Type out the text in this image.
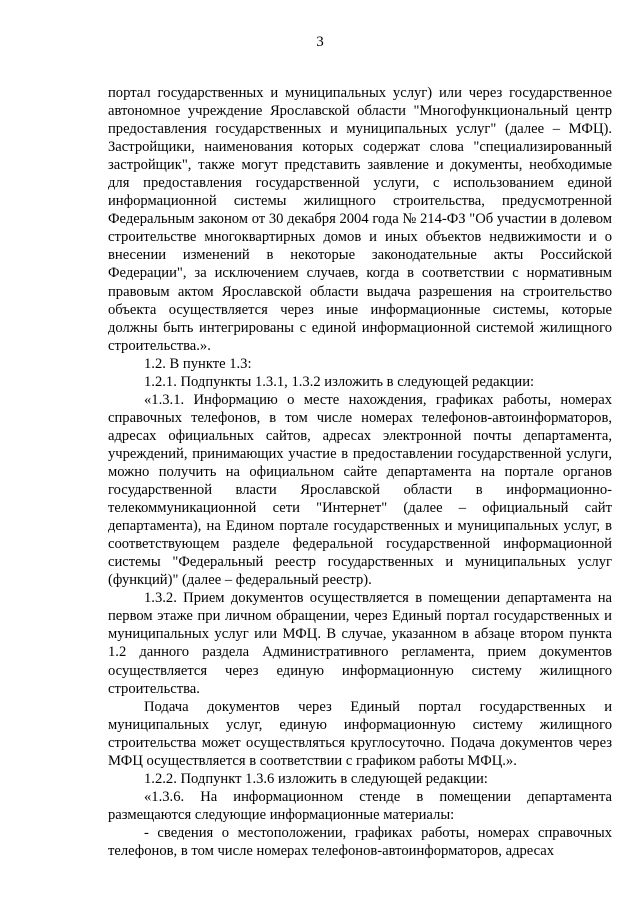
3

портал государственных и муниципальных услуг) или через государственное автономное учреждение Ярославской области "Многофункциональный центр предоставления государственных и муниципальных услуг" (далее – МФЦ). Застройщики, наименования которых содержат слова "специализированный застройщик", также могут представить заявление и документы, необходимые для предоставления государственной услуги, с использованием единой информационной системы жилищного строительства, предусмотренной Федеральным законом от 30 декабря 2004 года № 214-ФЗ "Об участии в долевом строительстве многоквартирных домов и иных объектов недвижимости и о внесении изменений в некоторые законодательные акты Российской Федерации", за исключением случаев, когда в соответствии с нормативным правовым актом Ярославской области выдача разрешения на строительство объекта осуществляется через иные информационные системы, которые должны быть интегрированы с единой информационной системой жилищного строительства.».

1.2. В пункте 1.3:

1.2.1. Подпункты 1.3.1, 1.3.2 изложить в следующей редакции:

«1.3.1. Информацию о месте нахождения, графиках работы, номерах справочных телефонов, в том числе номерах телефонов-автоинформаторов, адресах официальных сайтов, адресах электронной почты департамента, учреждений, принимающих участие в предоставлении государственной услуги, можно получить на официальном сайте департамента на портале органов государственной власти Ярославской области в информационно-телекоммуникационной сети "Интернет" (далее – официальный сайт департамента), на Едином портале государственных и муниципальных услуг, в соответствующем разделе федеральной государственной информационной системы "Федеральный реестр государственных и муниципальных услуг (функций)" (далее – федеральный реестр).

1.3.2. Прием документов осуществляется в помещении департамента на первом этаже при личном обращении, через Единый портал государственных и муниципальных услуг или МФЦ. В случае, указанном в абзаце втором пункта 1.2 данного раздела Административного регламента, прием документов осуществляется через единую информационную систему жилищного строительства.

Подача документов через Единый портал государственных и муниципальных услуг, единую информационную систему жилищного строительства может осуществляться круглосуточно. Подача документов через МФЦ осуществляется в соответствии с графиком работы МФЦ.».

1.2.2. Подпункт 1.3.6 изложить в следующей редакции:

«1.3.6. На информационном стенде в помещении департамента размещаются следующие информационные материалы:

- сведения о местоположении, графиках работы, номерах справочных телефонов, в том числе номерах телефонов-автоинформаторов, адресах
